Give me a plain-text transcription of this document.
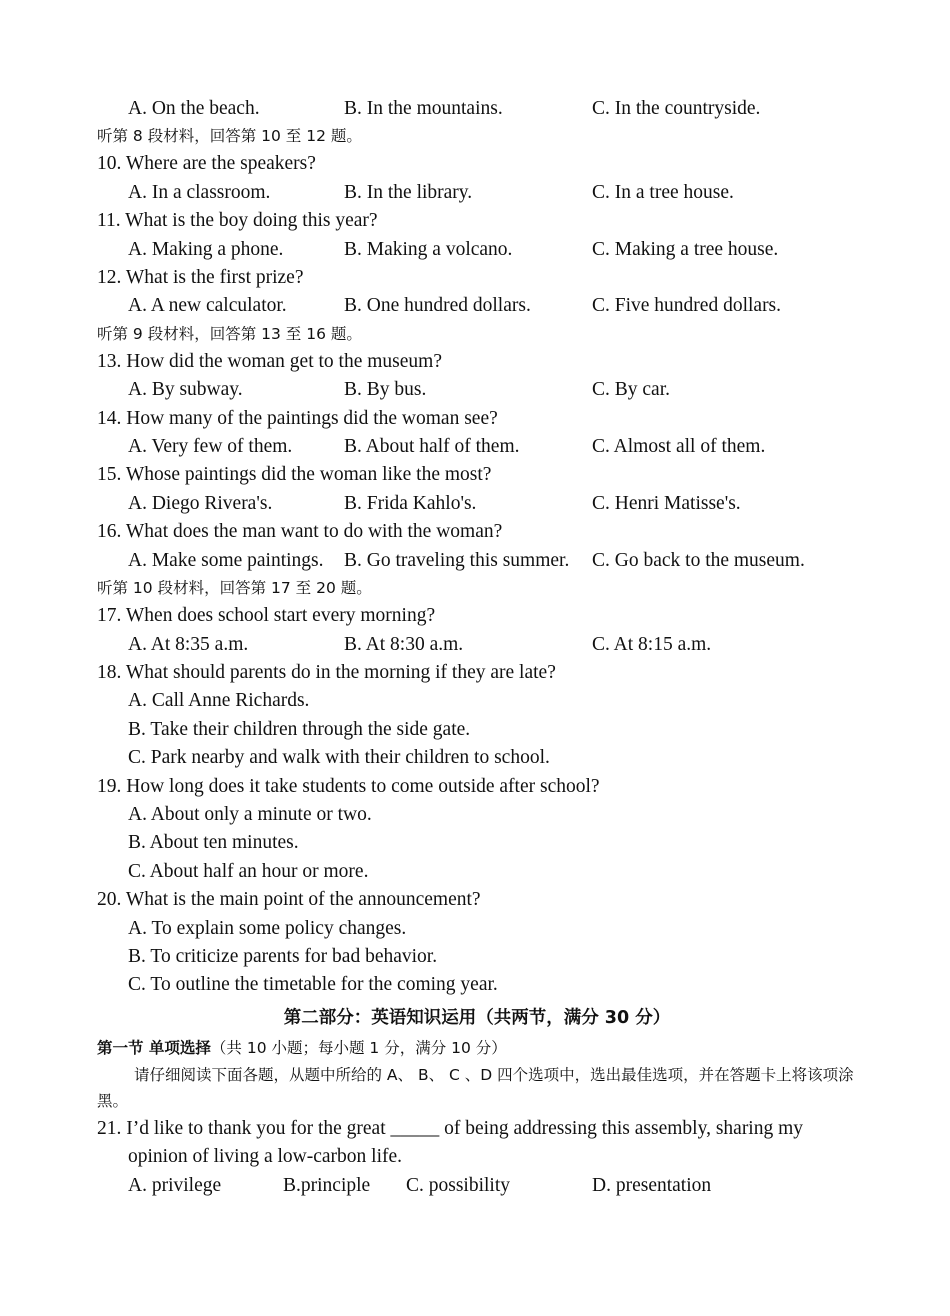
A. On the beach.	B. In the mountains.	C. In the countryside.
听第 8 段材料，回答第 10 至 12 题。
10. Where are the speakers?
A. In a classroom.	B. In the library.	C. In a tree house.
11. What is the boy doing this year?
A. Making a phone.	B. Making a volcano.	C. Making a tree house.
12. What is the first prize?
A. A new calculator.	B. One hundred dollars.	C. Five hundred dollars.
听第 9 段材料，回答第 13 至 16 题。
13. How did the woman get to the museum?
A. By subway.	B. By bus.	C. By car.
14. How many of the paintings did the woman see?
A. Very few of them.	B. About half of them.	C. Almost all of them.
15. Whose paintings did the woman like the most?
A. Diego Rivera's.	B. Frida Kahlo's.	C. Henri Matisse's.
16. What does the man want to do with the woman?
A. Make some paintings.	B. Go traveling this summer.	C. Go back to the museum.
听第 10 段材料，回答第 17 至 20 题。
17. When does school start every morning?
A. At 8:35 a.m.	B. At 8:30 a.m.	C. At 8:15 a.m.
18. What should parents do in the morning if they are late?
A. Call Anne Richards.
B. Take their children through the side gate.
C. Park nearby and walk with their children to school.
19. How long does it take students to come outside after school?
A. About only a minute or two.
B. About ten minutes.
C. About half an hour or more.
20. What is the main point of the announcement?
A. To explain some policy changes.
B. To criticize parents for bad behavior.
C. To outline the timetable for the coming year.
第二部分：英语知识运用（共两节，满分 30 分）
第一节 单项选择（共 10 小题；每小题 1 分，满分 10 分）
请仔细阅读下面各题，从题中所给的 A、 B、 C 、D 四个选项中，选出最佳选项，并在答题卡上将该项涂黑。
21. I’d like to thank you for the great _____ of being addressing this assembly, sharing my opinion of living a low-carbon life.
A. privilege	B.principle	C. possibility	D. presentation
